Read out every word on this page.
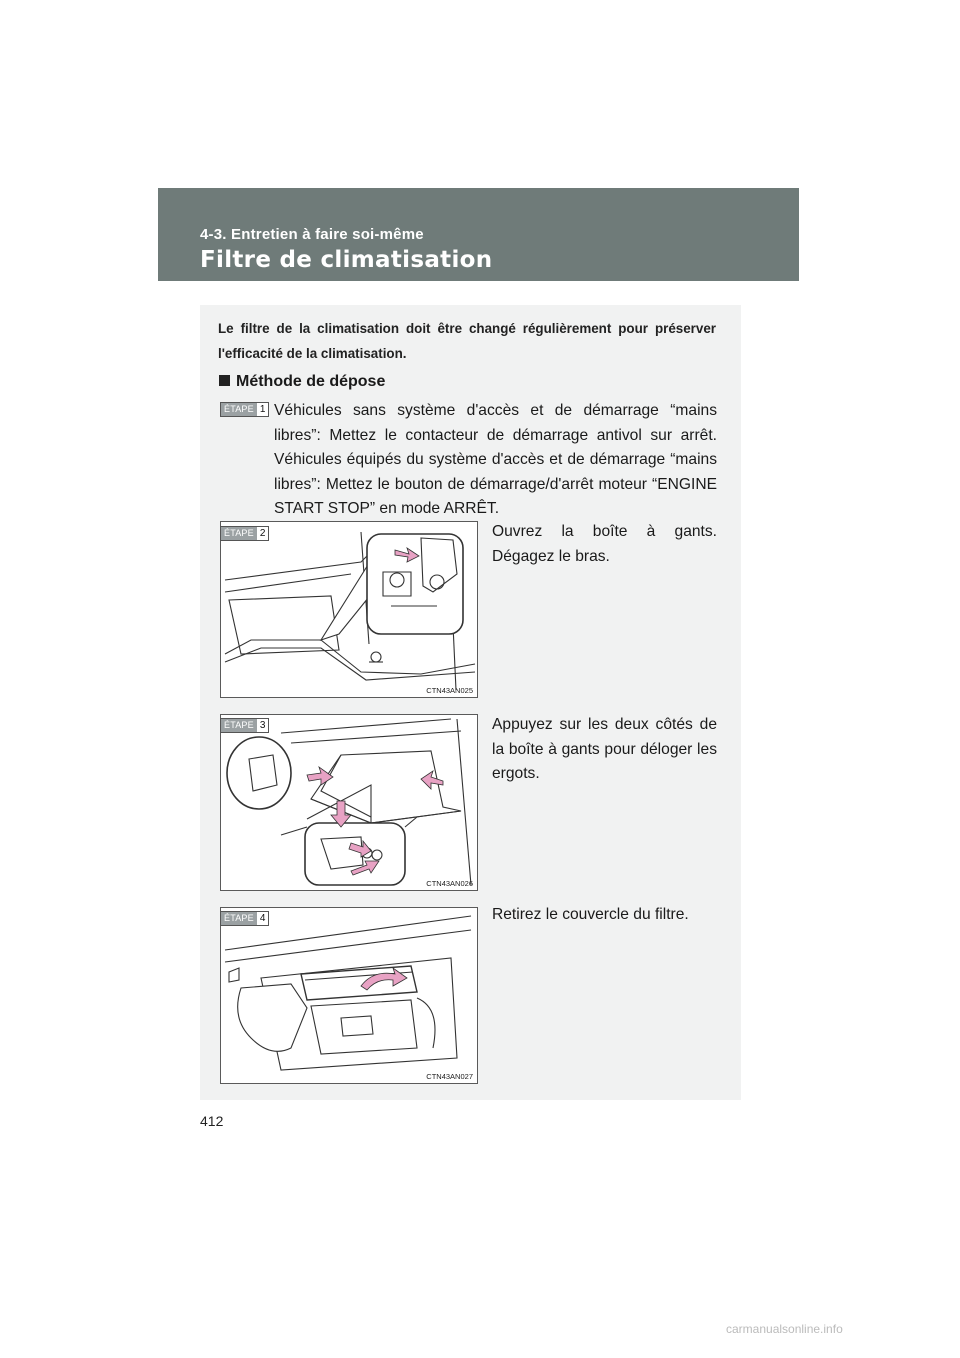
4-3. Entretien à faire soi-même
Filtre de climatisation
Le filtre de la climatisation doit être changé régulièrement pour préserver l'efficacité de la climatisation.
Méthode de dépose
ÉTAPE 1 Véhicules sans système d'accès et de démarrage “mains libres”: Mettez le contacteur de démarrage antivol sur arrêt. Véhicules équipés du système d'accès et de démarrage “mains libres”: Mettez le bouton de démarrage/d'arrêt moteur “ENGINE START STOP” en mode ARRÊT.
CTN43AN025
ÉTAPE 2	Ouvrez la boîte à gants. Dégagez le bras.
CTN43AN026
ÉTAPE 3	Appuyez sur les deux côtés de la boîte à gants pour déloger les ergots.
CTN43AN027
ÉTAPE 4	Retirez le couvercle du filtre.
412
carmanualsonline.info
